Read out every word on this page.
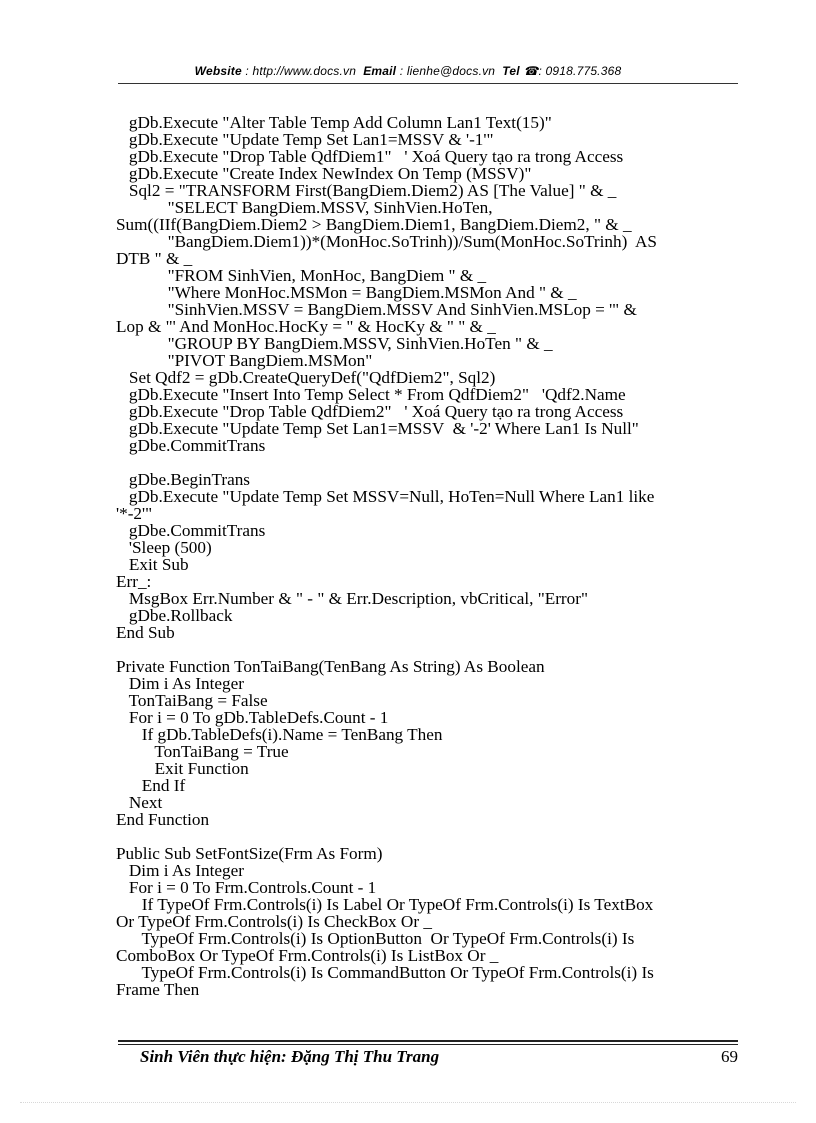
Website : http://www.docs.vn Email : lienhe@docs.vn Tel ☎: 0918.775.368
gDb.Execute "Alter Table Temp Add Column Lan1 Text(15)"
gDb.Execute "Update Temp Set Lan1=MSSV & '-1'"
gDb.Execute "Drop Table QdfDiem1"   ' Xoá Query tạo ra trong Access
gDb.Execute "Create Index NewIndex On Temp (MSSV)"
Sql2 = "TRANSFORM First(BangDiem.Diem2) AS [The Value] " & _
"SELECT BangDiem.MSSV, SinhVien.HoTen,
Sum((IIf(BangDiem.Diem2 > BangDiem.Diem1, BangDiem.Diem2, " & _
"BangDiem.Diem1))*(MonHoc.SoTrinh))/Sum(MonHoc.SoTrinh)  AS
DTB " & _
"FROM SinhVien, MonHoc, BangDiem " & _
"Where MonHoc.MSMon = BangDiem.MSMon And " & _
"SinhVien.MSSV = BangDiem.MSSV And SinhVien.MSLop = '" &
Lop & "' And MonHoc.HocKy = " & HocKy & " " & _
"GROUP BY BangDiem.MSSV, SinhVien.HoTen " & _
"PIVOT BangDiem.MSMon"
Set Qdf2 = gDb.CreateQueryDef("QdfDiem2", Sql2)
gDb.Execute "Insert Into Temp Select * From QdfDiem2"   'Qdf2.Name
gDb.Execute "Drop Table QdfDiem2"   ' Xoá Query tạo ra trong Access
gDb.Execute "Update Temp Set Lan1=MSSV  & '-2' Where Lan1 Is Null"
gDbe.CommitTrans
gDbe.BeginTrans
gDb.Execute "Update Temp Set MSSV=Null, HoTen=Null Where Lan1 like
'*-2'"
gDbe.CommitTrans
'Sleep (500)
Exit Sub
Err_:
MsgBox Err.Number & " - " & Err.Description, vbCritical, "Error"
gDbe.Rollback
End Sub
Private Function TonTaiBang(TenBang As String) As Boolean
Dim i As Integer
TonTaiBang = False
For i = 0 To gDb.TableDefs.Count - 1
If gDb.TableDefs(i).Name = TenBang Then
TonTaiBang = True
Exit Function
End If
Next
End Function
Public Sub SetFontSize(Frm As Form)
Dim i As Integer
For i = 0 To Frm.Controls.Count - 1
If TypeOf Frm.Controls(i) Is Label Or TypeOf Frm.Controls(i) Is TextBox
Or TypeOf Frm.Controls(i) Is CheckBox Or _
TypeOf Frm.Controls(i) Is OptionButton  Or TypeOf Frm.Controls(i) Is
ComboBox Or TypeOf Frm.Controls(i) Is ListBox Or _
TypeOf Frm.Controls(i) Is CommandButton Or TypeOf Frm.Controls(i) Is
Frame Then
Sinh Viên thực hiện: Đặng Thị Thu Trang	69
